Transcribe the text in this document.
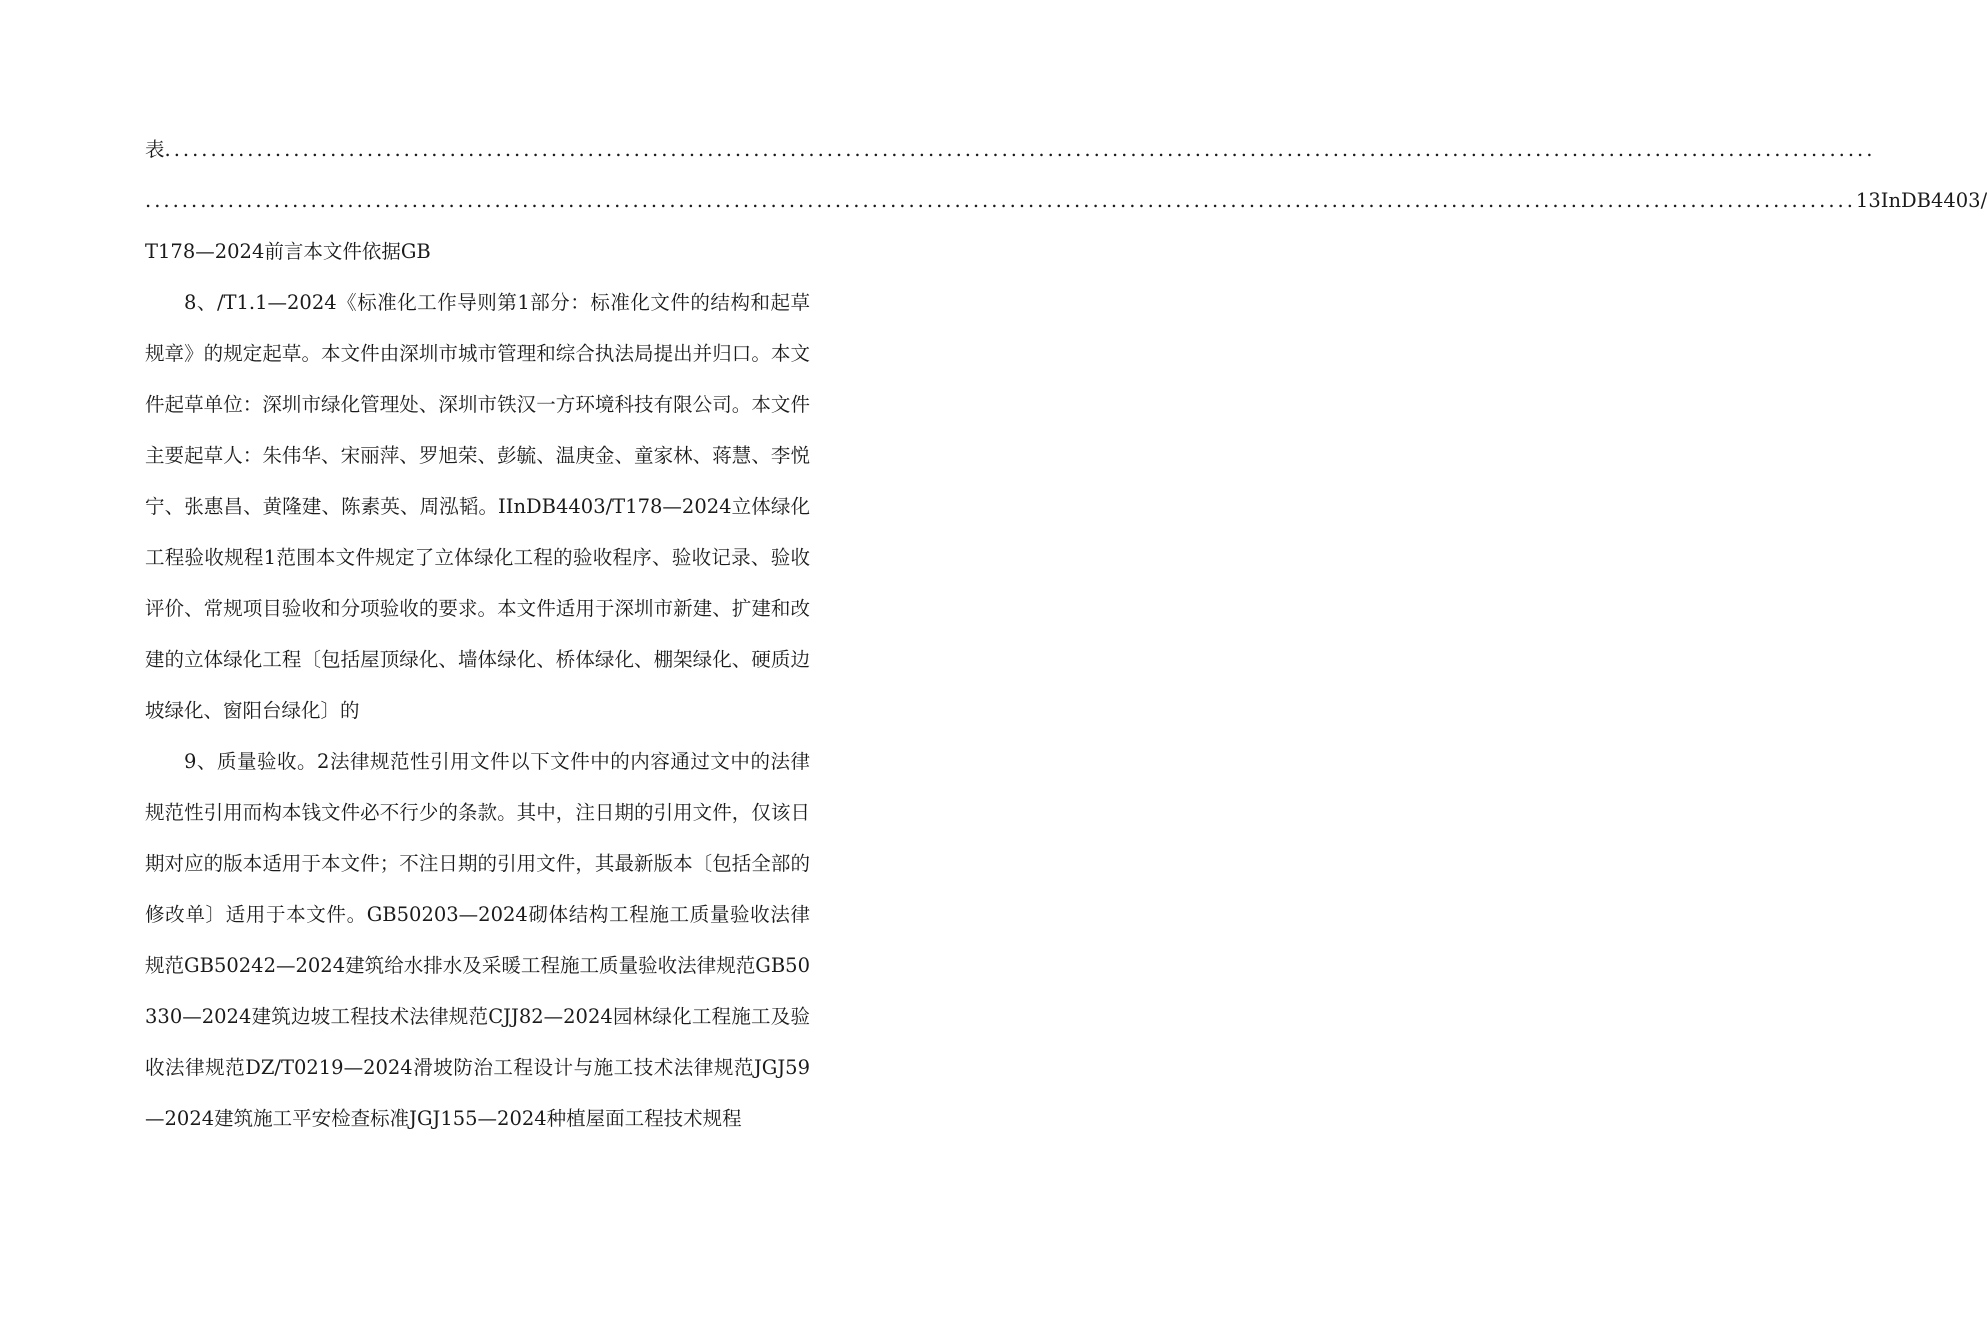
表 ..........................................................................................................................................................................................
.......................................................................................................................................................................................... 13InDB4403/

T178—2024前言本文件依据GB

8、/T1.1—2024《标准化工作导则第1部分：标准化文件的结构和起草规章》的规定起草。本文件由深圳市城市管理和综合执法局提出并归口。本文件起草单位：深圳市绿化管理处、深圳市铁汉一方环境科技有限公司。本文件主要起草人：朱伟华、宋丽萍、罗旭荣、彭毓、温庚金、童家林、蒋慧、李悦宁、张惠昌、黄隆建、陈素英、周泓韬。IInDB4403/T178—2024立体绿化工程验收规程1范围本文件规定了立体绿化工程的验收程序、验收记录、验收评价、常规项目验收和分项验收的要求。本文件适用于深圳市新建、扩建和改建的立体绿化工程〔包括屋顶绿化、墙体绿化、桥体绿化、棚架绿化、硬质边坡绿化、窗阳台绿化〕的

9、质量验收。2法律规范性引用文件以下文件中的内容通过文中的法律规范性引用而构本钱文件必不行少的条款。其中，注日期的引用文件，仅该日期对应的版本适用于本文件；不注日期的引用文件，其最新版本〔包括全部的修改单〕适用于本文件。GB50203—2024砌体结构工程施工质量验收法律规范GB50242—2024建筑给水排水及采暖工程施工质量验收法律规范GB50330—2024建筑边坡工程技术法律规范CJJ82—2024园林绿化工程施工及验收法律规范DZ/T0219—2024滑坡防治工程设计与施工技术法律规范JGJ59—2024建筑施工平安检查标准JGJ155—2024种植屋面工程技术规程
